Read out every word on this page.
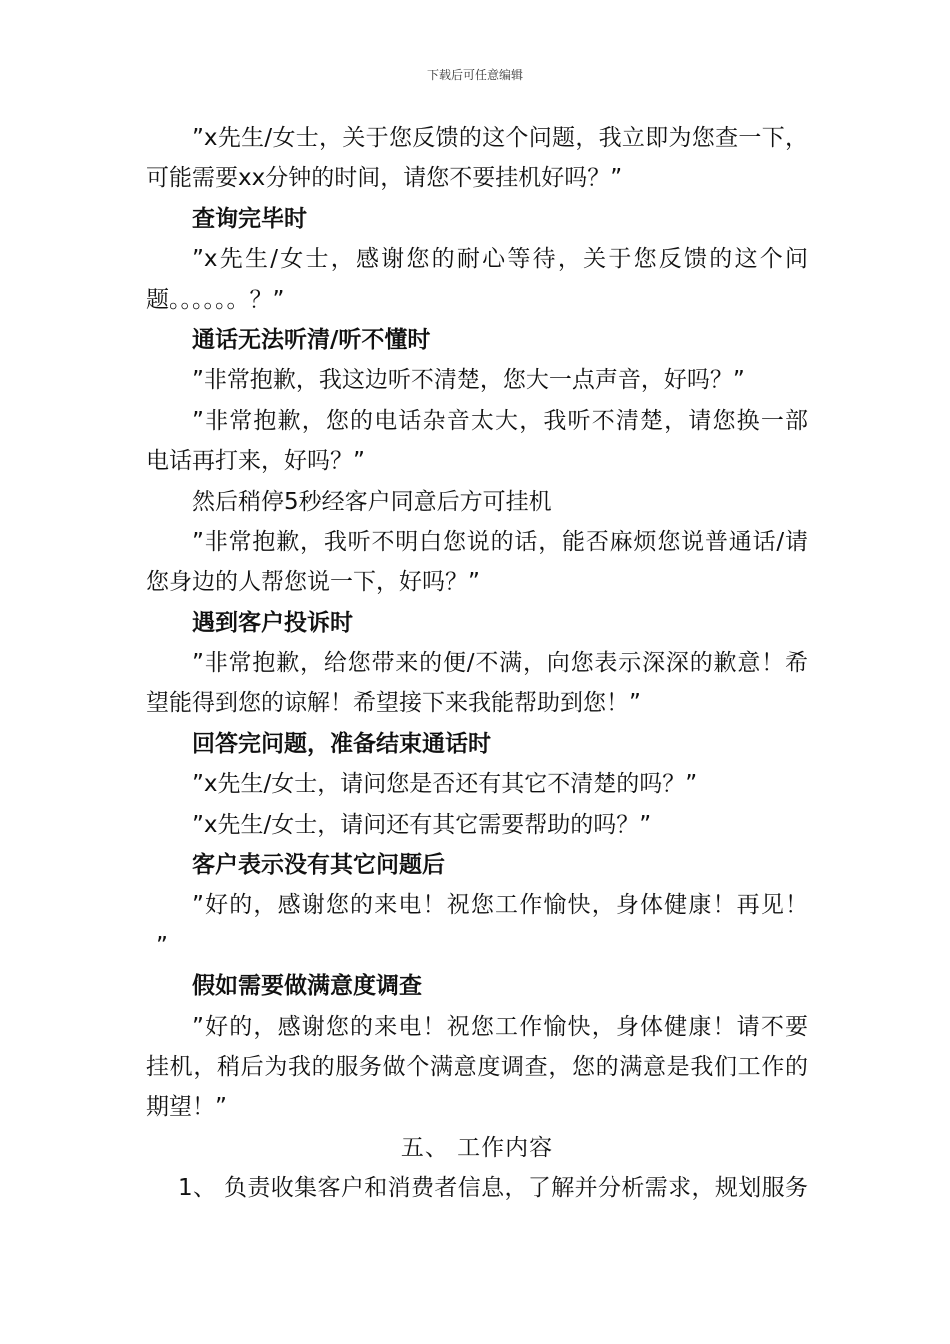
下载后可任意编辑
”x先生/女士，关于您反馈的这个问题，我立即为您查一下，
可能需要xx分钟的时间，请您不要挂机好吗？”
查询完毕时
”x先生/女士，感谢您的耐心等待，关于您反馈的这个问
题。。。。。。？”
通话无法听清/听不懂时
”非常抱歉，我这边听不清楚，您大一点声音，好吗？”
”非常抱歉，您的电话杂音太大，我听不清楚，请您换一部
电话再打来，好吗？”
然后稍停5秒经客户同意后方可挂机
”非常抱歉，我听不明白您说的话，能否麻烦您说普通话/请
您身边的人帮您说一下，好吗？”
遇到客户投诉时
”非常抱歉，给您带来的便/不满，向您表示深深的歉意！希
望能得到您的谅解！希望接下来我能帮助到您！”
回答完问题，准备结束通话时
”x先生/女士，请问您是否还有其它不清楚的吗？”
”x先生/女士，请问还有其它需要帮助的吗？”
客户表示没有其它问题后
”好的，感谢您的来电！祝您工作愉快，身体健康！再见！
”
假如需要做满意度调查
”好的，感谢您的来电！祝您工作愉快，身体健康！请不要
挂机，稍后为我的服务做个满意度调查，您的满意是我们工作的
期望！”
五、 工作内容
1、 负责收集客户和消费者信息，了解并分析需求，规划服务
